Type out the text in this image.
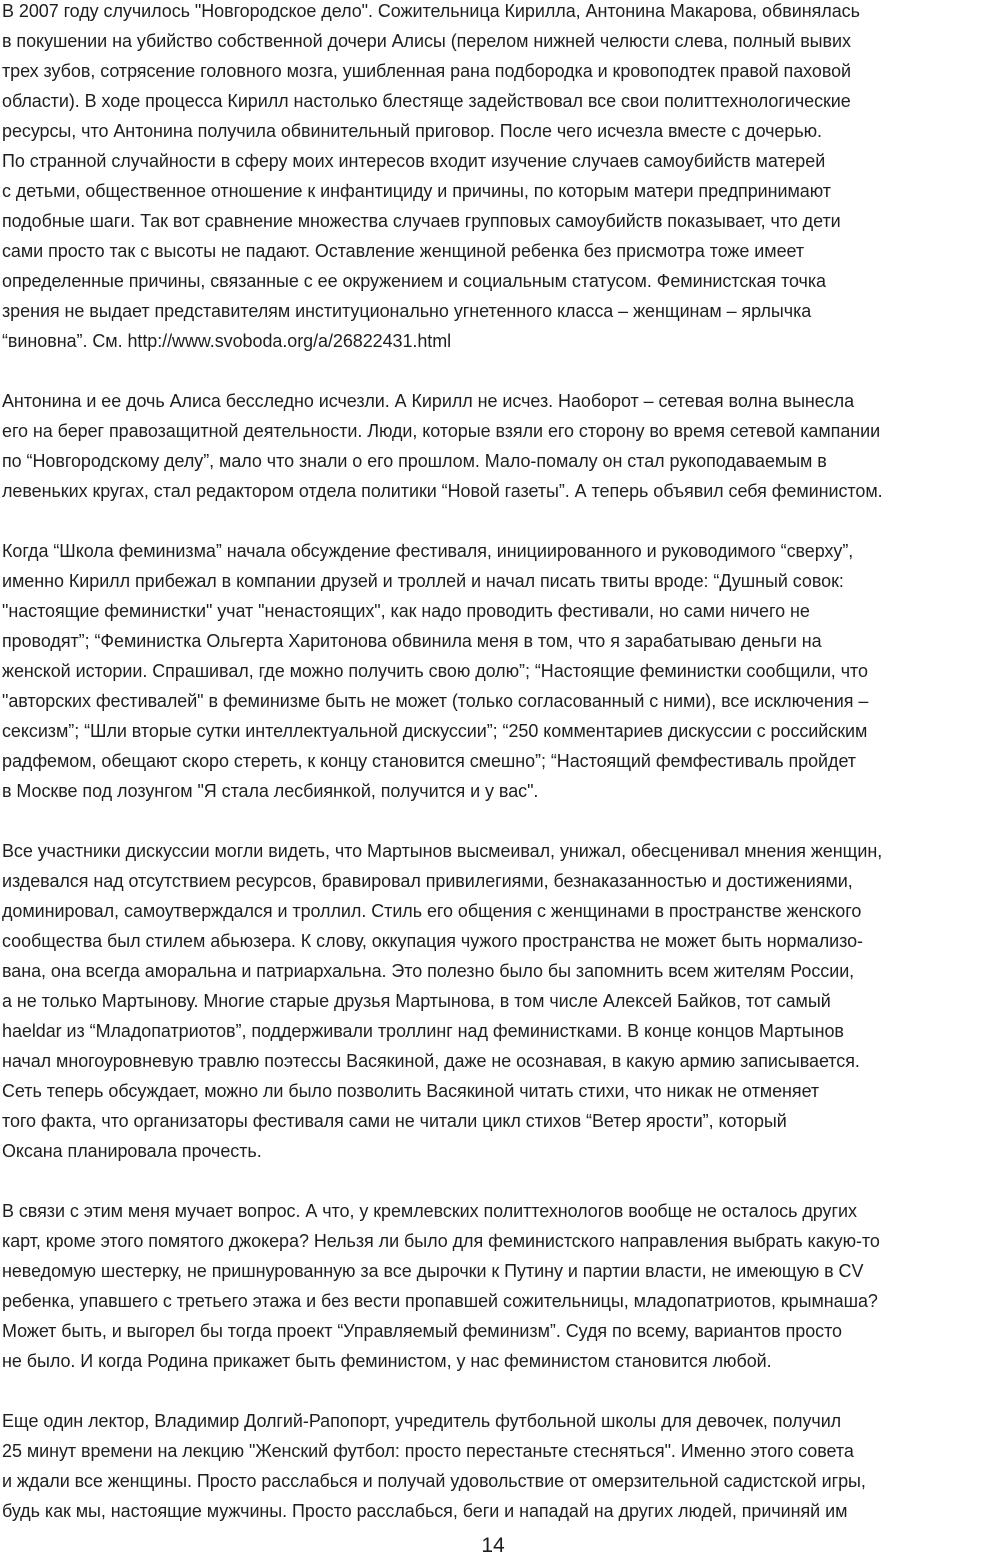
В 2007 году случилось "Новгородское дело". Сожительница Кирилла, Антонина Макарова, обвинялась
в покушении на убийство собственной дочери Алисы (перелом нижней челюсти слева, полный вывих
трех зубов, сотрясение головного мозга, ушибленная рана подбородка и кровоподтек правой паховой
области). В ходе процесса Кирилл настолько блестяще задействовал все свои политтехнологические
ресурсы, что Антонина получила обвинительный приговор. После чего исчезла вместе с дочерью.
По странной случайности в сферу моих интересов входит изучение случаев самоубийств матерей
с детьми, общественное отношение к инфантициду и причины, по которым матери предпринимают
подобные шаги. Так вот сравнение множества случаев групповых самоубийств показывает, что дети
сами просто так с высоты не падают. Оставление женщиной ребенка без присмотра тоже имеет
определенные причины, связанные с ее окружением и социальным статусом. Феминистская точка
зрения не выдает представителям институционально угнетенного класса – женщинам – ярлычка
“виновна”. См. http://www.svoboda.org/a/26822431.html
Антонина и ее дочь Алиса бесследно исчезли. А Кирилл не исчез. Наоборот – сетевая волна вынесла
его на берег правозащитной деятельности. Люди, которые взяли его сторону во время сетевой кампании
по “Новгородскому делу”, мало что знали о его прошлом. Мало-помалу он стал рукоподаваемым в
левеньких кругах, стал редактором отдела политики “Новой газеты”. А теперь объявил себя феминистом.
Когда “Школа феминизма” начала обсуждение фестиваля, инициированного и руководимого “сверху”,
именно Кирилл прибежал в компании друзей и троллей и начал писать твиты вроде: “Душный совок:
"настоящие феминистки" учат "ненастоящих", как надо проводить фестивали, но сами ничего не
проводят”; “Феминистка Ольгерта Харитонова обвинила меня в том, что я зарабатываю деньги на
женской истории. Спрашивал, где можно получить свою долю”; “Настоящие феминистки сообщили, что
"авторских фестивалей" в феминизме быть не может (только согласованный с ними), все исключения –
сексизм”; “Шли вторые сутки интеллектуальной дискуссии”; “250 комментариев дискуссии с российским
радфемом, обещают скоро стереть, к концу становится смешно”; “Настоящий фемфестиваль пройдет
в Москве под лозунгом "Я стала лесбиянкой, получится и у вас".
Все участники дискуссии могли видеть, что Мартынов высмеивал, унижал, обесценивал мнения женщин,
издевался над отсутствием ресурсов, бравировал привилегиями, безнаказанностью и достижениями,
доминировал, самоутверждался и троллил. Стиль его общения с женщинами в пространстве женского
сообщества был стилем абьюзера. К слову, оккупация чужого пространства не может быть нормализо-
вана, она всегда аморальна и патриархальна. Это полезно было бы запомнить всем жителям России,
а не только Мартынову. Многие старые друзья Мартынова, в том числе Алексей Байков, тот самый
haeldar из “Младопатриотов”, поддерживали троллинг над феминистками. В конце концов Мартынов
начал многоуровневую травлю поэтессы Васякиной, даже не осознавая, в какую армию записывается.
Сеть теперь обсуждает, можно ли было позволить Васякиной читать стихи, что никак не отменяет
того факта, что организаторы фестиваля сами не читали цикл стихов “Ветер ярости”, который
Оксана планировала прочесть.
В связи с этим меня мучает вопрос. А что, у кремлевских политтехнологов вообще не осталось других
карт, кроме этого помятого джокера? Нельзя ли было для феминистского направления выбрать какую-то
неведомую шестерку, не пришнурованную за все дырочки к Путину и партии власти, не имеющую в CV
ребенка, упавшего с третьего этажа и без вести пропавшей сожительницы, младопатриотов, крымнаша?
Может быть, и выгорел бы тогда проект “Управляемый феминизм”. Судя по всему, вариантов просто
не было. И когда Родина прикажет быть феминистом, у нас феминистом становится любой.
Еще один лектор, Владимир Долгий-Рапопорт, учредитель футбольной школы для девочек, получил
25 минут времени на лекцию "Женский футбол: просто перестаньте стесняться". Именно этого совета
и ждали все женщины. Просто расслабься и получай удовольствие от омерзительной садистской игры,
будь как мы, настоящие мужчины. Просто расслабься, беги и нападай на других людей, причиняй им
14
